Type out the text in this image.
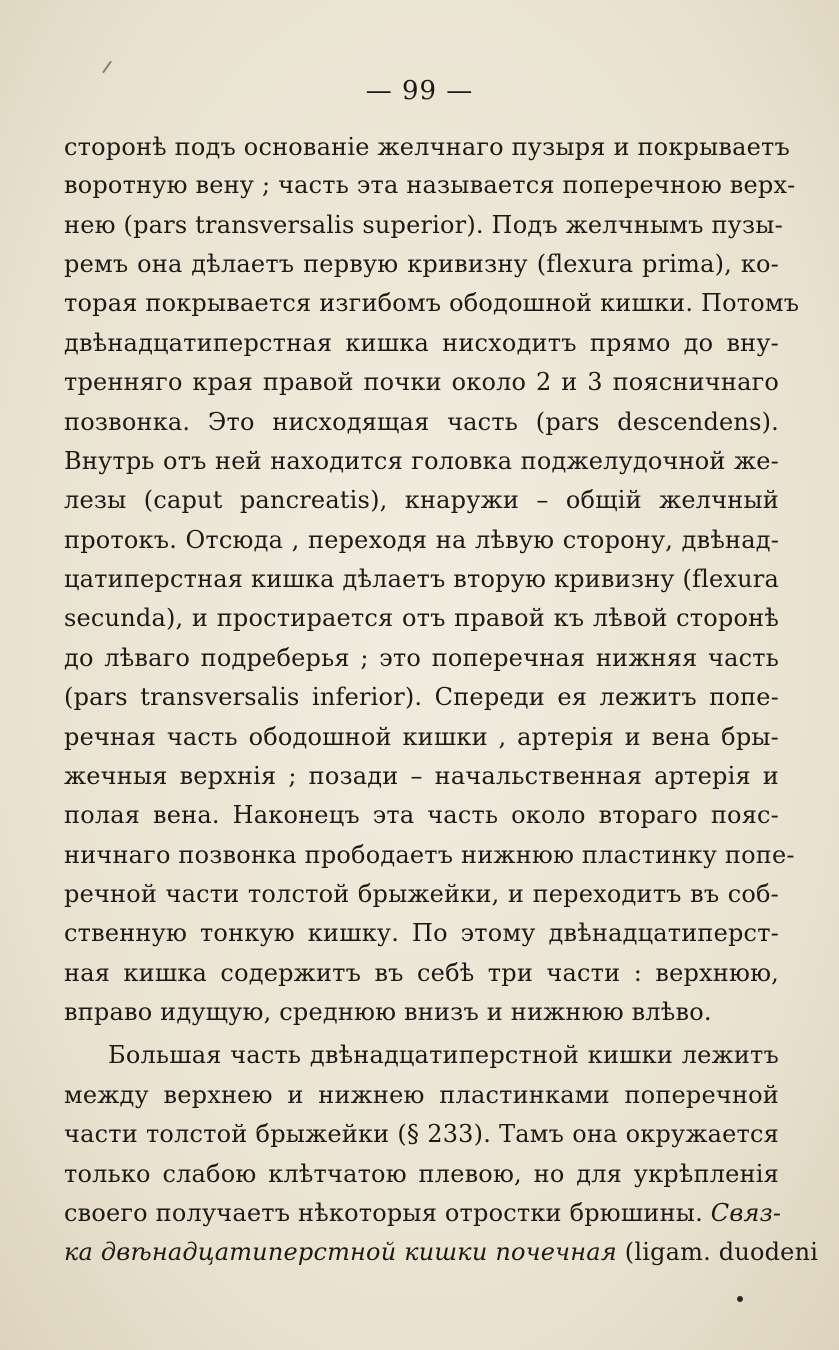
— 99 —
сторонѣ подъ основаніе желчнаго пузыря и покрываетъ
воротную вену ; часть эта называется поперечною верх-
нею (pars transversalis superior). Подъ желчнымъ пузы-
ремъ она дѣлаетъ первую кривизну (flexura prima), ко-
торая покрывается изгибомъ ободошной кишки. Потомъ
двѣнадцатиперстная кишка нисходитъ прямо до вну-
тренняго края правой почки около 2 и 3 поясничнаго
позвонка. Это нисходящая часть (pars descendens).
Внутрь отъ ней находится головка поджелудочной же-
лезы (caput pancreatis), кнаружи – общій желчный
протокъ. Отсюда , переходя на лѣвую сторону, двѣнад-
цатиперстная кишка дѣлаетъ вторую кривизну (flexura
secunda), и простирается отъ правой къ лѣвой сторонѣ
до лѣваго подреберья ; это поперечная нижняя часть
(pars transversalis inferior). Спереди ея лежитъ попе-
речная часть ободошной кишки , артерія и вена бры-
жечныя верхнія ; позади – начальственная артерія и
полая вена. Наконецъ эта часть около втораго пояс-
ничнаго позвонка прободаетъ нижнюю пластинку попе-
речной части толстой брыжейки, и переходитъ въ соб-
ственную тонкую кишку. По этому двѣнадцатиперст-
ная кишка содержитъ въ себѣ три части : верхнюю,
вправо идущую, среднюю внизъ и нижнюю влѣво.
Большая часть двѣнадцатиперстной кишки лежитъ
между верхнею и нижнею пластинками поперечной
части толстой брыжейки (§ 233). Тамъ она окружается
только слабою клѣтчатою плевою, но для укрѣпленія
своего получаетъ нѣкоторыя отростки брюшины. Связ-
ка двѣнадцатиперстной кишки почечная (ligam. duodeni
